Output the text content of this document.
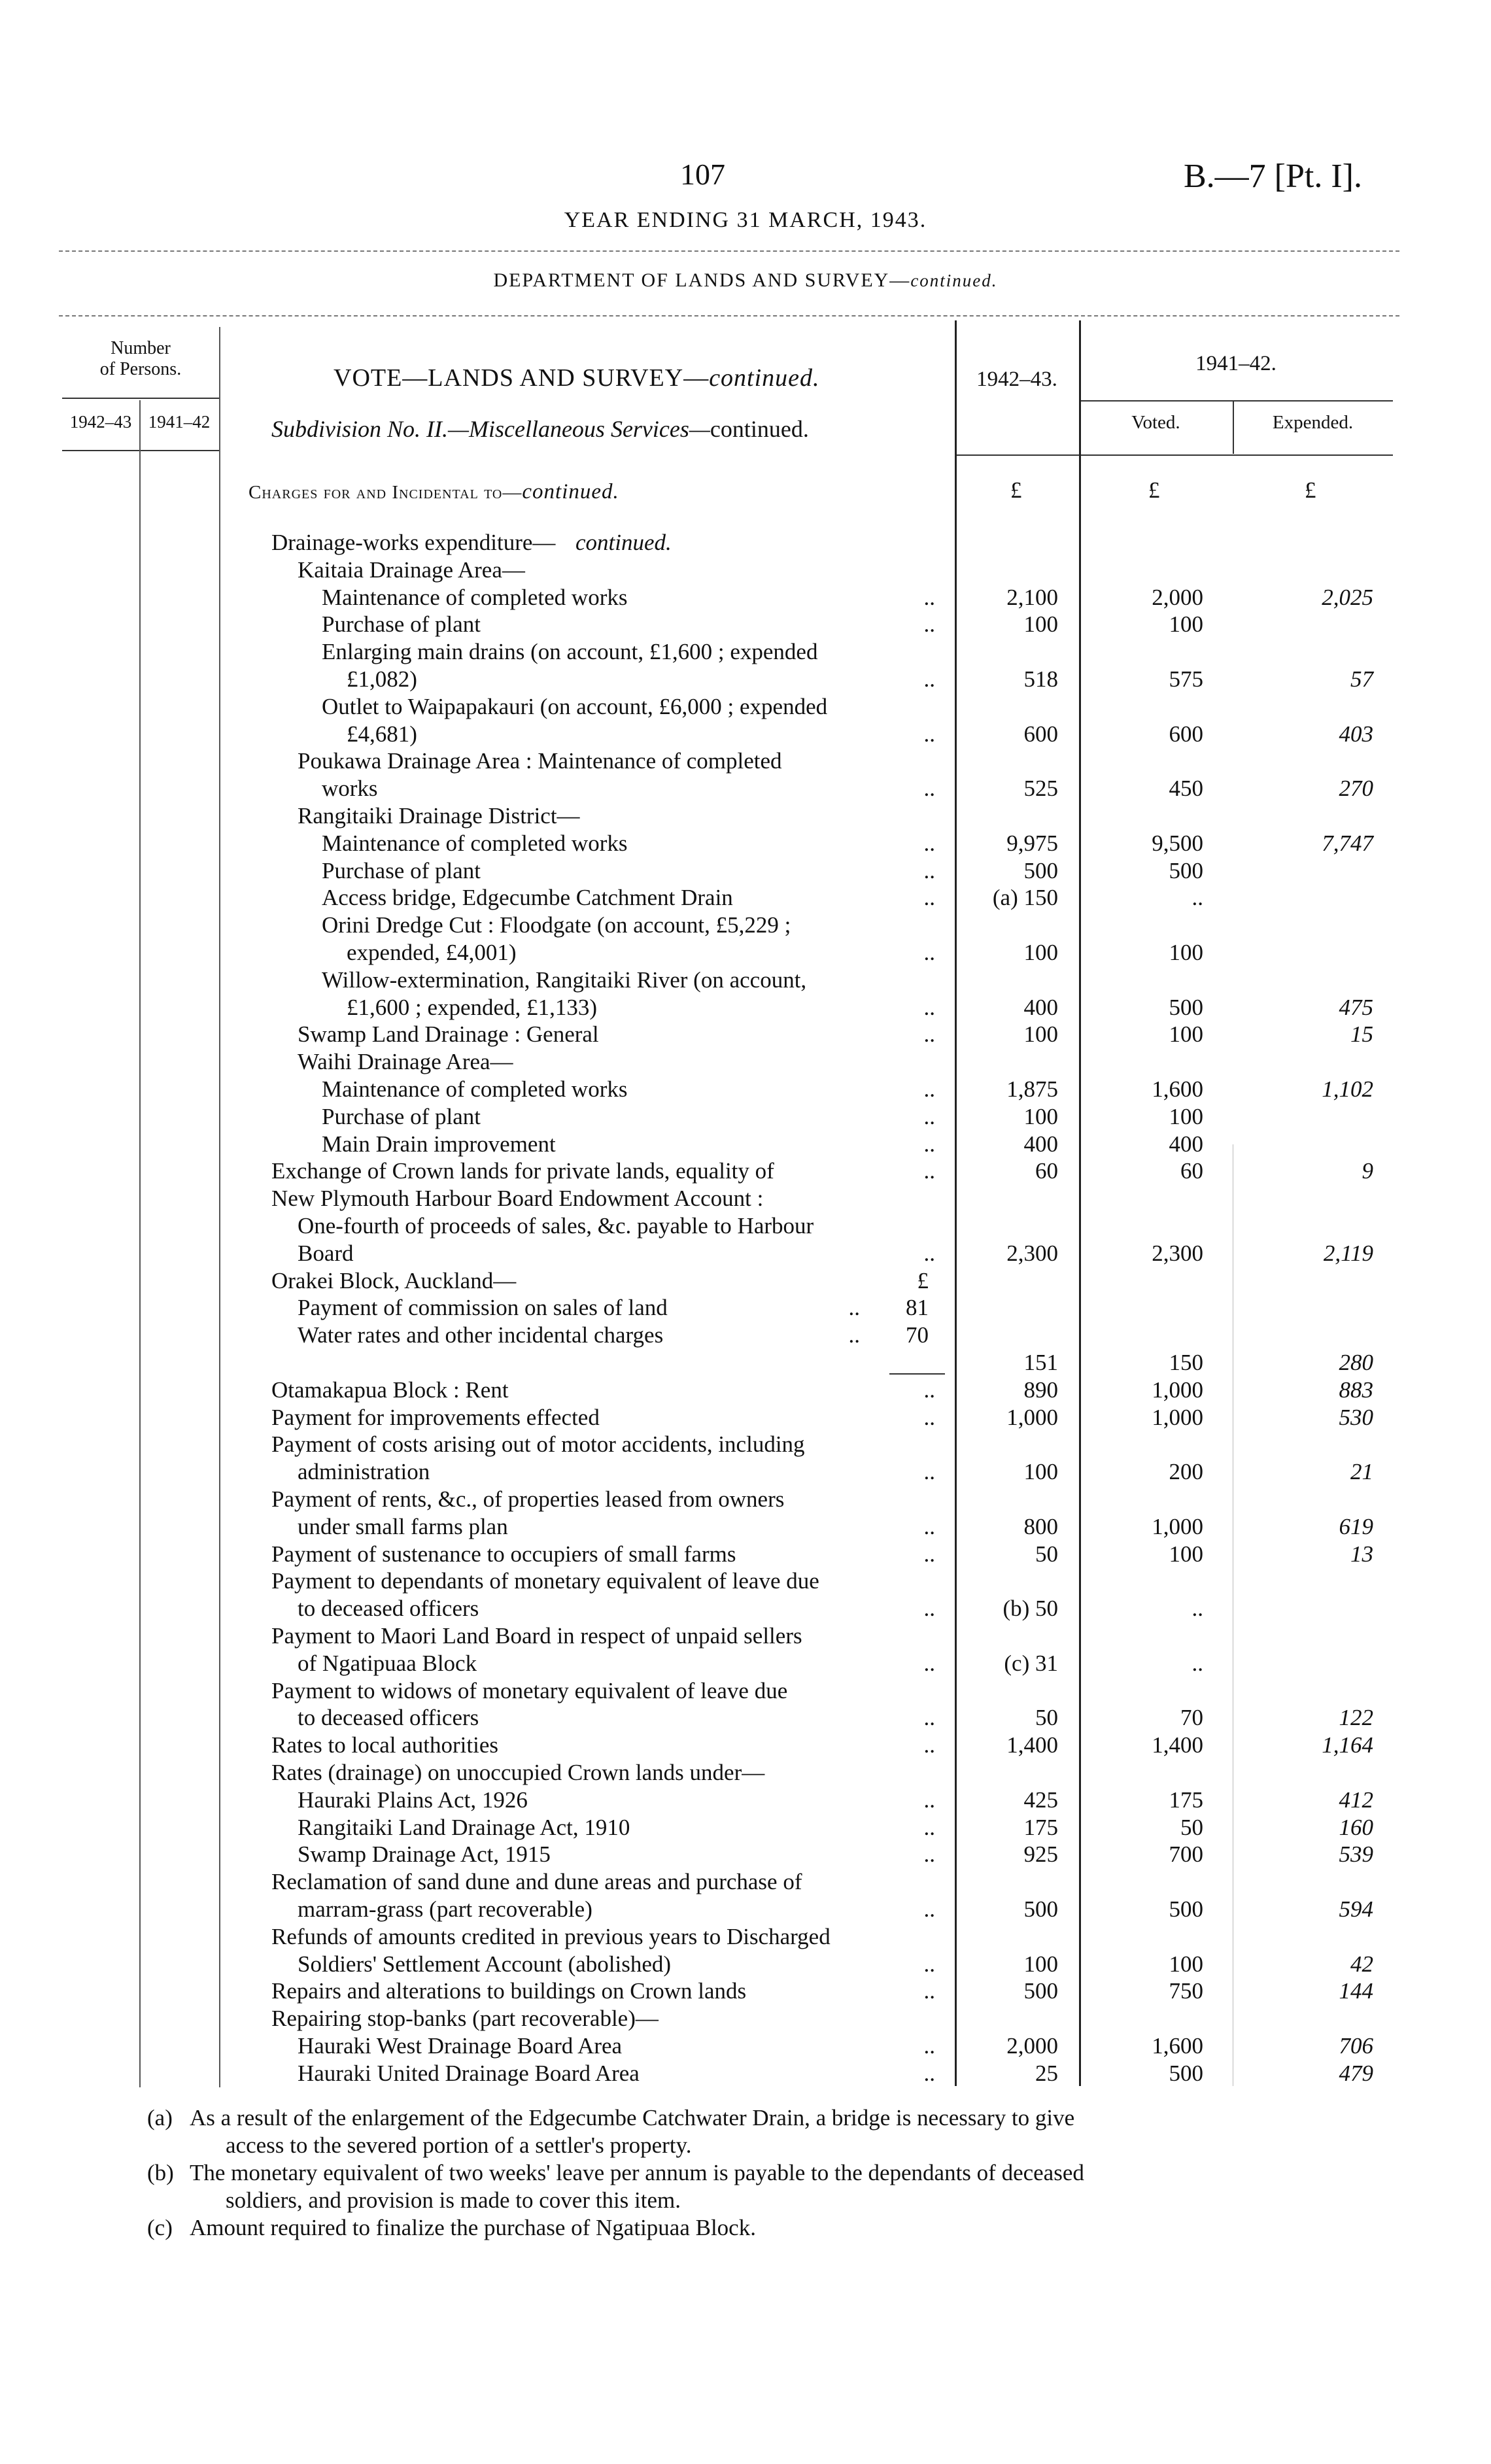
107	B.—7 [Pt. I].
YEAR ENDING 31 MARCH, 1943.
DEPARTMENT OF LANDS AND SURVEY—continued.
Number
of Persons.
1942–43 1941–42
VOTE—LANDS AND SURVEY—continued.
Subdivision No. II.—Miscellaneous Services—continued.
Charges for and Incidental to—continued.
1942–43.
1941–42.
Voted.	Expended.
£	£	£
Drainage-works expenditure— continued.
Kaitaia Drainage Area—
Maintenance of completed works	..	2,100	2,000	2,025
Purchase of plant	..	100	100
Enlarging main drains (on account, £1,600 ; expended
£1,082)	..	518	575	57
Outlet to Waipapakauri (on account, £6,000 ; expended
£4,681)	..	600	600	403
Poukawa Drainage Area : Maintenance of completed
works	..	525	450	270
Rangitaiki Drainage District—
Maintenance of completed works	..	9,975	9,500	7,747
Purchase of plant	..	500	500
Access bridge, Edgecumbe Catchment Drain	..	(a) 150	..
Orini Dredge Cut : Floodgate (on account, £5,229 ;
expended, £4,001)	..	100	100
Willow-extermination, Rangitaiki River (on account,
£1,600 ; expended, £1,133)	..	400	500	475
Swamp Land Drainage : General	..	100	100	15
Waihi Drainage Area—
Maintenance of completed works	..	1,875	1,600	1,102
Purchase of plant	..	100	100
Main Drain improvement	..	400	400
Exchange of Crown lands for private lands, equality of	..	60	60	9
New Plymouth Harbour Board Endowment Account :
One-fourth of proceeds of sales, &c. payable to Harbour
Board	..	2,300	2,300	2,119
Orakei Block, Auckland—	£
Payment of commission on sales of land	.. 81
Water rates and other incidental charges	.. 70
151	150	280
Otamakapua Block : Rent	..	890	1,000	883
Payment for improvements effected	..	1,000	1,000	530
Payment of costs arising out of motor accidents, including
administration	..	100	200	21
Payment of rents, &c., of properties leased from owners
under small farms plan	..	800	1,000	619
Payment of sustenance to occupiers of small farms	..	50	100	13
Payment to dependants of monetary equivalent of leave due
to deceased officers	..	(b) 50	..
Payment to Maori Land Board in respect of unpaid sellers
of Ngatipuaa Block	..	(c) 31	..
Payment to widows of monetary equivalent of leave due
to deceased officers	..	50	70	122
Rates to local authorities	..	1,400	1,400	1,164
Rates (drainage) on unoccupied Crown lands under—
Hauraki Plains Act, 1926	..	425	175	412
Rangitaiki Land Drainage Act, 1910	..	175	50	160
Swamp Drainage Act, 1915	..	925	700	539
Reclamation of sand dune and dune areas and purchase of
marram-grass (part recoverable)	..	500	500	594
Refunds of amounts credited in previous years to Discharged
Soldiers' Settlement Account (abolished)	..	100	100	42
Repairs and alterations to buildings on Crown lands	..	500	750	144
Repairing stop-banks (part recoverable)—
Hauraki West Drainage Board Area	..	2,000	1,600	706
Hauraki United Drainage Board Area	..	25	500	479
(a) As a result of the enlargement of the Edgecumbe Catchwater Drain, a bridge is necessary to give
access to the severed portion of a settler's property.
(b) The monetary equivalent of two weeks' leave per annum is payable to the dependants of deceased
soldiers, and provision is made to cover this item.
(c) Amount required to finalize the purchase of Ngatipuaa Block.
